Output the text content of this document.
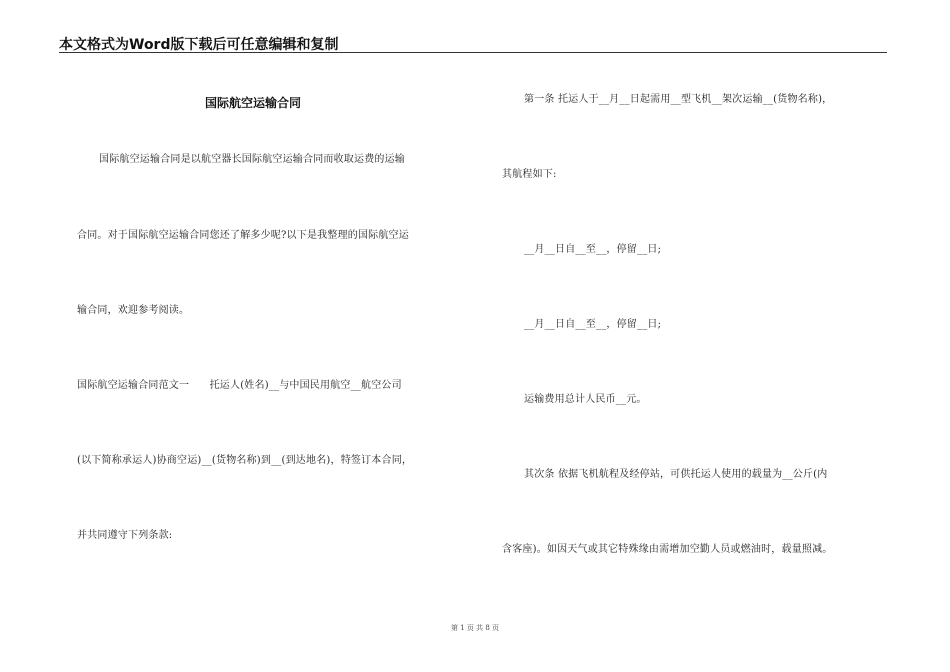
本文格式为Word版下载后可任意编辑和复制
国际航空运输合同
国际航空运输合同是以航空器长国际航空运输合同而收取运费的运输
合同。对于国际航空运输合同您还了解多少呢?以下是我整理的国际航空运
输合同，欢迎参考阅读。
国际航空运输合同范文一　　托运人(姓名)__与中国民用航空__航空公司
(以下简称承运人)协商空运)__(货物名称)到__(到达地名)，特签订本合同，
并共同遵守下列条款:
第一条 托运人于__月__日起需用__型飞机__架次运输__(货物名称)，
其航程如下:
__月__日自__至__，停留__日;
__月__日自__至__，停留__日;
运输费用总计人民币__元。
其次条 依据飞机航程及经停站，可供托运人使用的载量为__公斤(内
含客座)。如因天气或其它特殊缘由需增加空勤人员或燃油时，载量照减。
第 1 页 共 8 页
